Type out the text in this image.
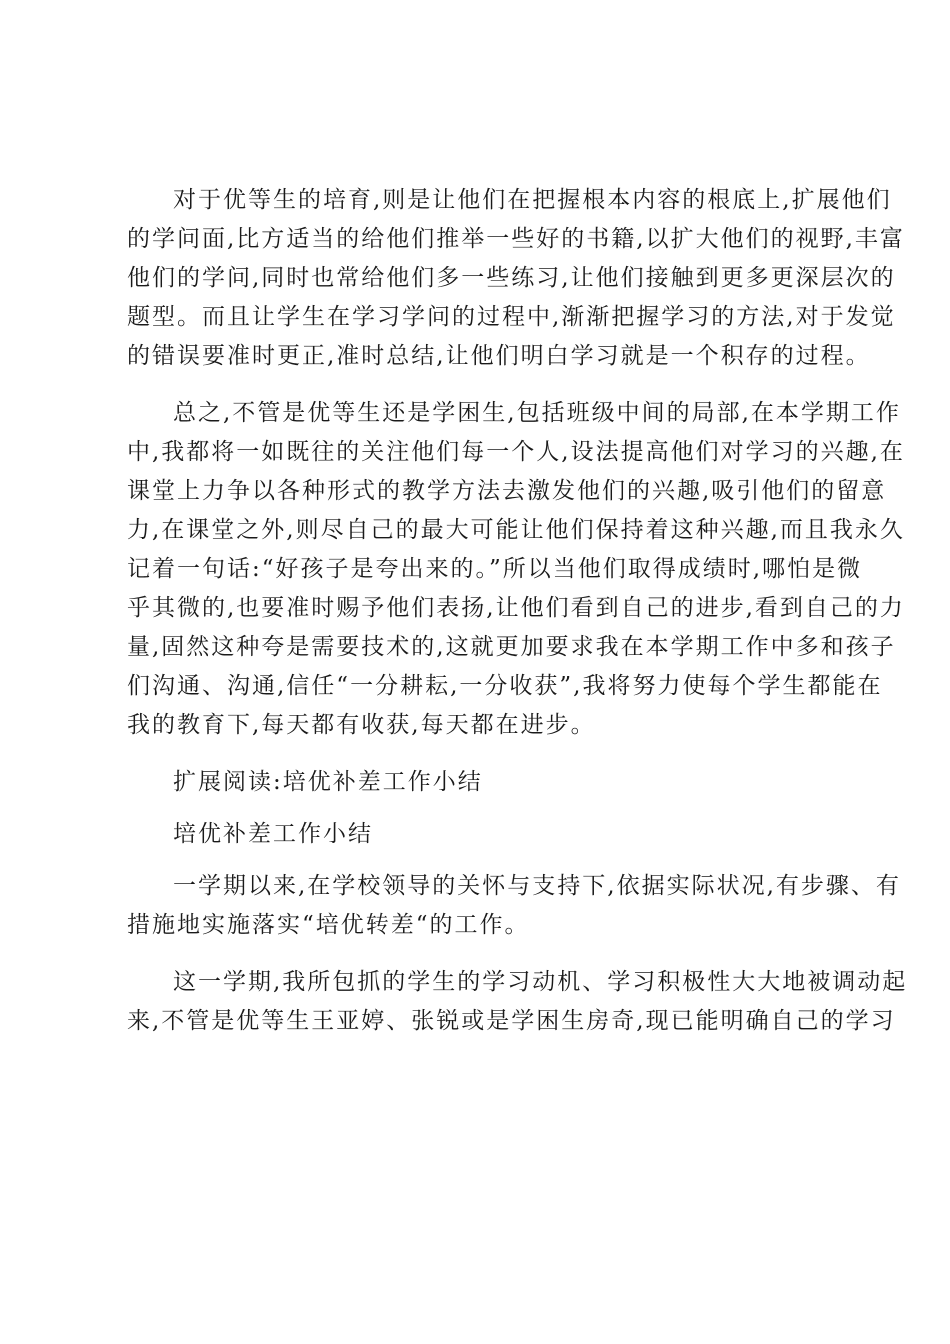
对于优等生的培育,则是让他们在把握根本内容的根底上,扩展他们
的学问面,比方适当的给他们推举一些好的书籍,以扩大他们的视野,丰富
他们的学问,同时也常给他们多一些练习,让他们接触到更多更深层次的
题型。而且让学生在学习学问的过程中,渐渐把握学习的方法,对于发觉
的错误要准时更正,准时总结,让他们明白学习就是一个积存的过程。
总之,不管是优等生还是学困生,包括班级中间的局部,在本学期工作
中,我都将一如既往的关注他们每一个人,设法提高他们对学习的兴趣,在
课堂上力争以各种形式的教学方法去激发他们的兴趣,吸引他们的留意
力,在课堂之外,则尽自己的最大可能让他们保持着这种兴趣,而且我永久
记着一句话:“好孩子是夸出来的。”所以当他们取得成绩时,哪怕是微
乎其微的,也要准时赐予他们表扬,让他们看到自己的进步,看到自己的力
量,固然这种夸是需要技术的,这就更加要求我在本学期工作中多和孩子
们沟通、沟通,信任“一分耕耘,一分收获”,我将努力使每个学生都能在
我的教育下,每天都有收获,每天都在进步。
扩展阅读:培优补差工作小结
培优补差工作小结
一学期以来,在学校领导的关怀与支持下,依据实际状况,有步骤、有
措施地实施落实“培优转差“的工作。
这一学期,我所包抓的学生的学习动机、学习积极性大大地被调动起
来,不管是优等生王亚婷、张锐或是学困生房奇,现已能明确自己的学习
